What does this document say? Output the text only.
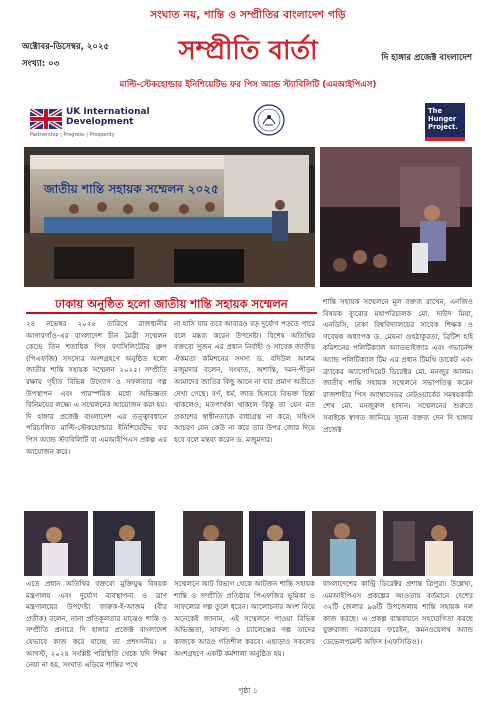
সংঘাত নয়, শান্তি ও সম্প্রীতির বাংলাদেশ গড়ি
অক্টোবর-ডিসেম্বর, ২০২৫
সংখ্যা: ০৩	সম্প্রীতি বার্তা	দি হাঙ্গার প্রজেক্ট বাংলাদেশ
মাল্টি-স্টেকহোল্ডার ইনিশিয়েটিভ ফর পিস অ্যান্ড স্ট্যাবিলিটি (এমআইপিএস)
UK International
Development
Partnership | Progress | Prosperity
The
Hunger
Project.
জাতীয় শান্তি সহায়ক সম্মেলন ২০২৫
ঢাকায় অনুষ্ঠিত হলো জাতীয় শান্তি সহায়ক সম্মেলন

২৪ নভেম্বর ২০২৫ তারিখে রাজধানীর আগারগাঁও-এর বাংলাদেশ চীন মৈত্রী সম্মেলন কেন্দ্রে তিন শতাধিক পিস ফ্যাসিলিটেটর গ্রুপ (পিএফজি) সদস্যের অংশগ্রহণে অনুষ্ঠিত হলো জাতীয় শান্তি সহায়ক সম্মেলন ২০২৫। সম্প্রীতি রক্ষায় গৃহীত বিভিন্ন উদ্যোগ ও সফলতার গল্প উপস্থাপন এবং পারস্পরিক মধ্যে অভিজ্ঞতা বিনিময়ের লক্ষ্যে এ সম্মেলনের আয়োজন করা হয়। দি হাঙ্গার প্রজেক্ট বাংলাদেশ এর তত্ত্বাবধানে পরিচালিত মাল্টি-স্টেকহোল্ডার ইনিশিয়েটিভ ফর পিস অ্যান্ড স্ট্যাবিলিটি বা এমআইপিএস প্রকল্প এর আয়োজন করে।

না হাসি যায় তবে আবারও বড় দুর্যোগ পড়তে পারে বলে মন্তব্য করেন উপদেষ্টা। বিশেষ অতিথির বক্তব্যে সুজন এর প্রধান নির্বাহী ও সাবেক জাতীয় ঐকমত্য কমিশনের সদস্য ড. বদিউল আলম মজুমদার বলেন, সংঘাত, অশান্তি, দমন-পীড়ন আমাদের জাতির কিছু আনে না যার প্রমাণ অতীতে দেখা গেছে। বর্ণ, ধর্ম, জাত হিসাবে বিভক্ত চিন্তা থাকলেও; মতপার্থক্য থাকলে কিন্তু তা যেন মত প্রকাশের স্বাধীনতাকে বাধাগ্রস্থ না করে; সহিংস আচরণ যেন কেউ না করে তার উপর জোর দিয়ে হবে বলে মন্তব্য করেন ড. মজুমদার।

শান্তি সহায়ক সম্মেলনে মূল বক্তব্য রাখেন, এনজিও বিষয়ক ব্যুরোর মহাপরিচালক মো. দাউদ মিয়া, এনডিসি, ঢাকা বিশ্ববিদ্যালয়ের সাবেক শিক্ষক ও গবেষক অধ্যাপক ড. মেঘনা গুহঠাকুরতা, ব্রিটিশ হাই কমিশনের পলিটিক্যাল অ্যাডভাইজার এবং গভার্নেন্স অ্যান্ড পলিটিক্যাল টিম এর প্রধান টিমথি ডাকেট এবং ব্র্যাকের অ্যাসোসিয়েট ডিরেক্টর মো. মনজুর আলম। জাতীয় শান্তি সহায়ক সম্মেলনে সভাপতিত্ব করেন রাজশাহীর পিস অ্যাম্বাসেডর নেটওয়ার্কের সমন্বয়কারী শেখ মো. মনজুরুল হাসান। সম্মেলনের শুরুতে সবাইকে স্বাগত জানিয়ে সূচনা বক্তব্য দেন দি হাঙ্গার প্রজেক্ট

এতে প্রধান অতিথির বক্তব্যে মুক্তিযুদ্ধ বিষয়ক মন্ত্রণালয় এবং দুর্যোগ ব্যবস্থাপনা ও ত্রাণ মন্ত্রণালয়ের উপদেষ্টা ফারুক-ই-আজম (বীর প্রতীক) বলেন, নানা প্রতিকূলতার মাঝেও শান্তি ও সম্প্রীতি প্রসারে দি হাঙ্গার প্রজেক্ট বাংলাদেশ যেভাবে কাজ করে যাচ্ছে তা প্রশংসনীয়। ৫ আগস্ট, ২০২৪ সংশ্লিষ্ট পরিস্থিতি থেকে যদি শিক্ষা নেয়া না হয়, সংঘাত এড়িয়ে শান্তির পথে

সম্মেলনে আট বিভাগ থেকে আটজন শান্তি সহায়ক শান্তি ও সম্প্রীতি প্রতিষ্ঠায় পিএফজির ভূমিকা ও সাফল্যের গল্প তুলে ধরেন। আলোচনার অংশ নিয়ে অনেকেই জানান, এই সম্মেলনে পাওয়া বিভিন্ন অভিজ্ঞতা, সাফল্য ও চ্যালেঞ্জের গল্প তাদের কাজকে আরও গতিশীল করবে। এছাড়াও সকলের অংশগ্রহণে একটি কর্মশালা অনুষ্ঠিত হয়।

বাংলাদেশের কান্ট্রি ডিরেক্টর প্রশান্ত ত্রিপুরা। উল্লেখ্য, এমআইপিএস প্রকল্পের আওতায় বর্তমানে দেশের ৩২টি জেলার ৯৬টি উপজেলায় শান্তি সহায়ক দল কাজ করছে। এ প্রকল্প বাস্তবায়নে সহযোগিতা করছে যুক্তরাজ্য সরকারের ফরেইন, কমনওয়েলথ অ্যান্ড ডেভেলপমেন্ট অফিস (এফসিডিও)।

পৃষ্ঠা ১
